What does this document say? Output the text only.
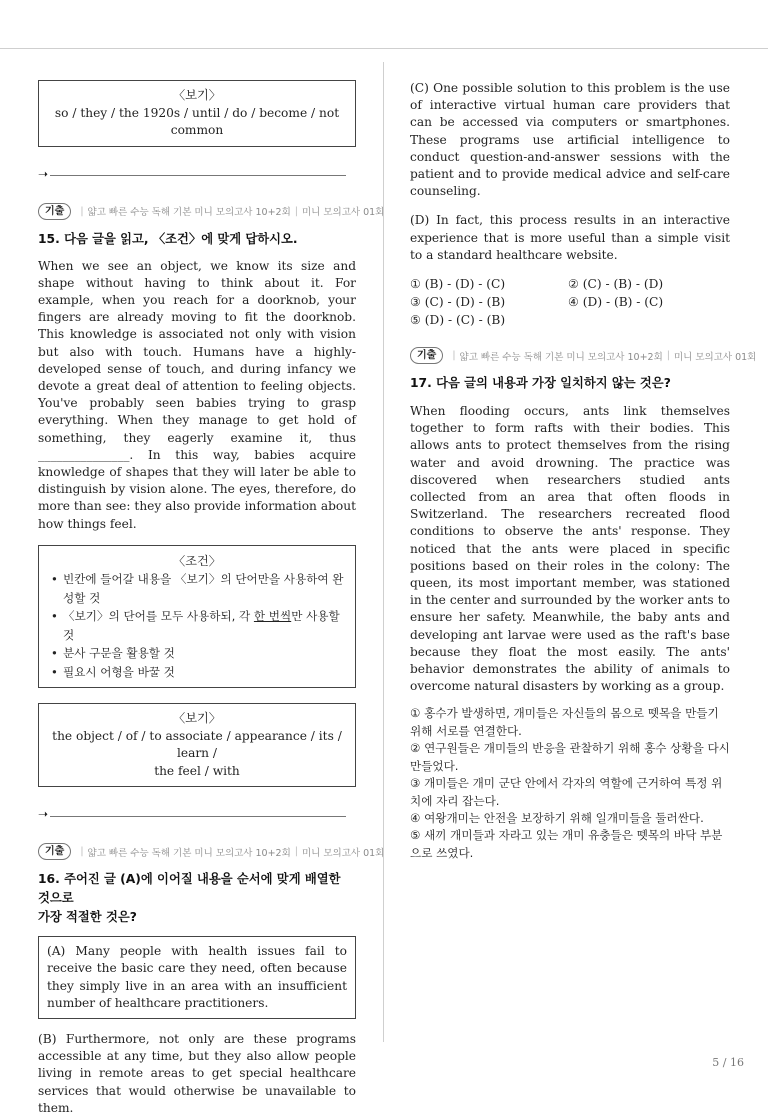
〈보기〉
so / they / the 1920s / until / do / become / not
common
➝
기출	| 얇고 빠른 수능 독해 기본 미니 모의고사 10+2회 | 미니 모의고사 01회
15. 다음 글을 읽고, 〈조건〉에 맞게 답하시오.
When we see an object, we know its size and shape without having to think about it. For example, when you reach for a doorknob, your fingers are already moving to fit the doorknob. This knowledge is associated not only with vision but also with touch. Humans have a highly-developed sense of touch, and during infancy we devote a great deal of attention to feeling objects. You've probably seen babies trying to grasp everything. When they manage to get hold of something, they eagerly examine it, thus _______________. In this way, babies acquire knowledge of shapes that they will later be able to distinguish by vision alone. The eyes, therefore, do more than see: they also provide information about how things feel.
〈조건〉
• 빈칸에 들어갈 내용을 〈보기〉의 단어만을 사용하여 완성할 것
• 〈보기〉의 단어를 모두 사용하되, 각 한 번씩만 사용할 것
• 분사 구문을 활용할 것
• 필요시 어형을 바꿀 것
〈보기〉
the object / of / to associate / appearance / its / learn /
the feel / with
➝
기출	| 얇고 빠른 수능 독해 기본 미니 모의고사 10+2회 | 미니 모의고사 01회
16. 주어진 글 (A)에 이어질 내용을 순서에 맞게 배열한 것으로
가장 적절한 것은?
(A) Many people with health issues fail to receive the basic care they need, often because they simply live in an area with an insufficient number of healthcare practitioners.
(B) Furthermore, not only are these programs accessible at any time, but they also allow people living in remote areas to get special healthcare services that would otherwise be unavailable to them.
(C) One possible solution to this problem is the use of interactive virtual human care providers that can be accessed via computers or smartphones. These programs use artificial intelligence to conduct question-and-answer sessions with the patient and to provide medical advice and self-care counseling.
(D) In fact, this process results in an interactive experience that is more useful than a simple visit to a standard healthcare website.
① (B) - (D) - (C)	② (C) - (B) - (D)
③ (C) - (D) - (B)	④ (D) - (B) - (C)
⑤ (D) - (C) - (B)
기출	| 얇고 빠른 수능 독해 기본 미니 모의고사 10+2회 | 미니 모의고사 01회
17. 다음 글의 내용과 가장 일치하지 않는 것은?
When flooding occurs, ants link themselves together to form rafts with their bodies. This allows ants to protect themselves from the rising water and avoid drowning. The practice was discovered when researchers studied ants collected from an area that often floods in Switzerland. The researchers recreated flood conditions to observe the ants' response. They noticed that the ants were placed in specific positions based on their roles in the colony: The queen, its most important member, was stationed in the center and surrounded by the worker ants to ensure her safety. Meanwhile, the baby ants and developing ant larvae were used as the raft's base because they float the most easily. The ants' behavior demonstrates the ability of animals to overcome natural disasters by working as a group.
① 홍수가 발생하면, 개미들은 자신들의 몸으로 뗏목을 만들기 위해 서로를 연결한다.
② 연구원들은 개미들의 반응을 관찰하기 위해 홍수 상황을 다시 만들었다.
③ 개미들은 개미 군단 안에서 각자의 역할에 근거하여 특정 위치에 자리 잡는다.
④ 여왕개미는 안전을 보장하기 위해 일개미들을 둘러싼다.
⑤ 새끼 개미들과 자라고 있는 개미 유충들은 뗏목의 바닥 부분으로 쓰였다.
5 / 16
